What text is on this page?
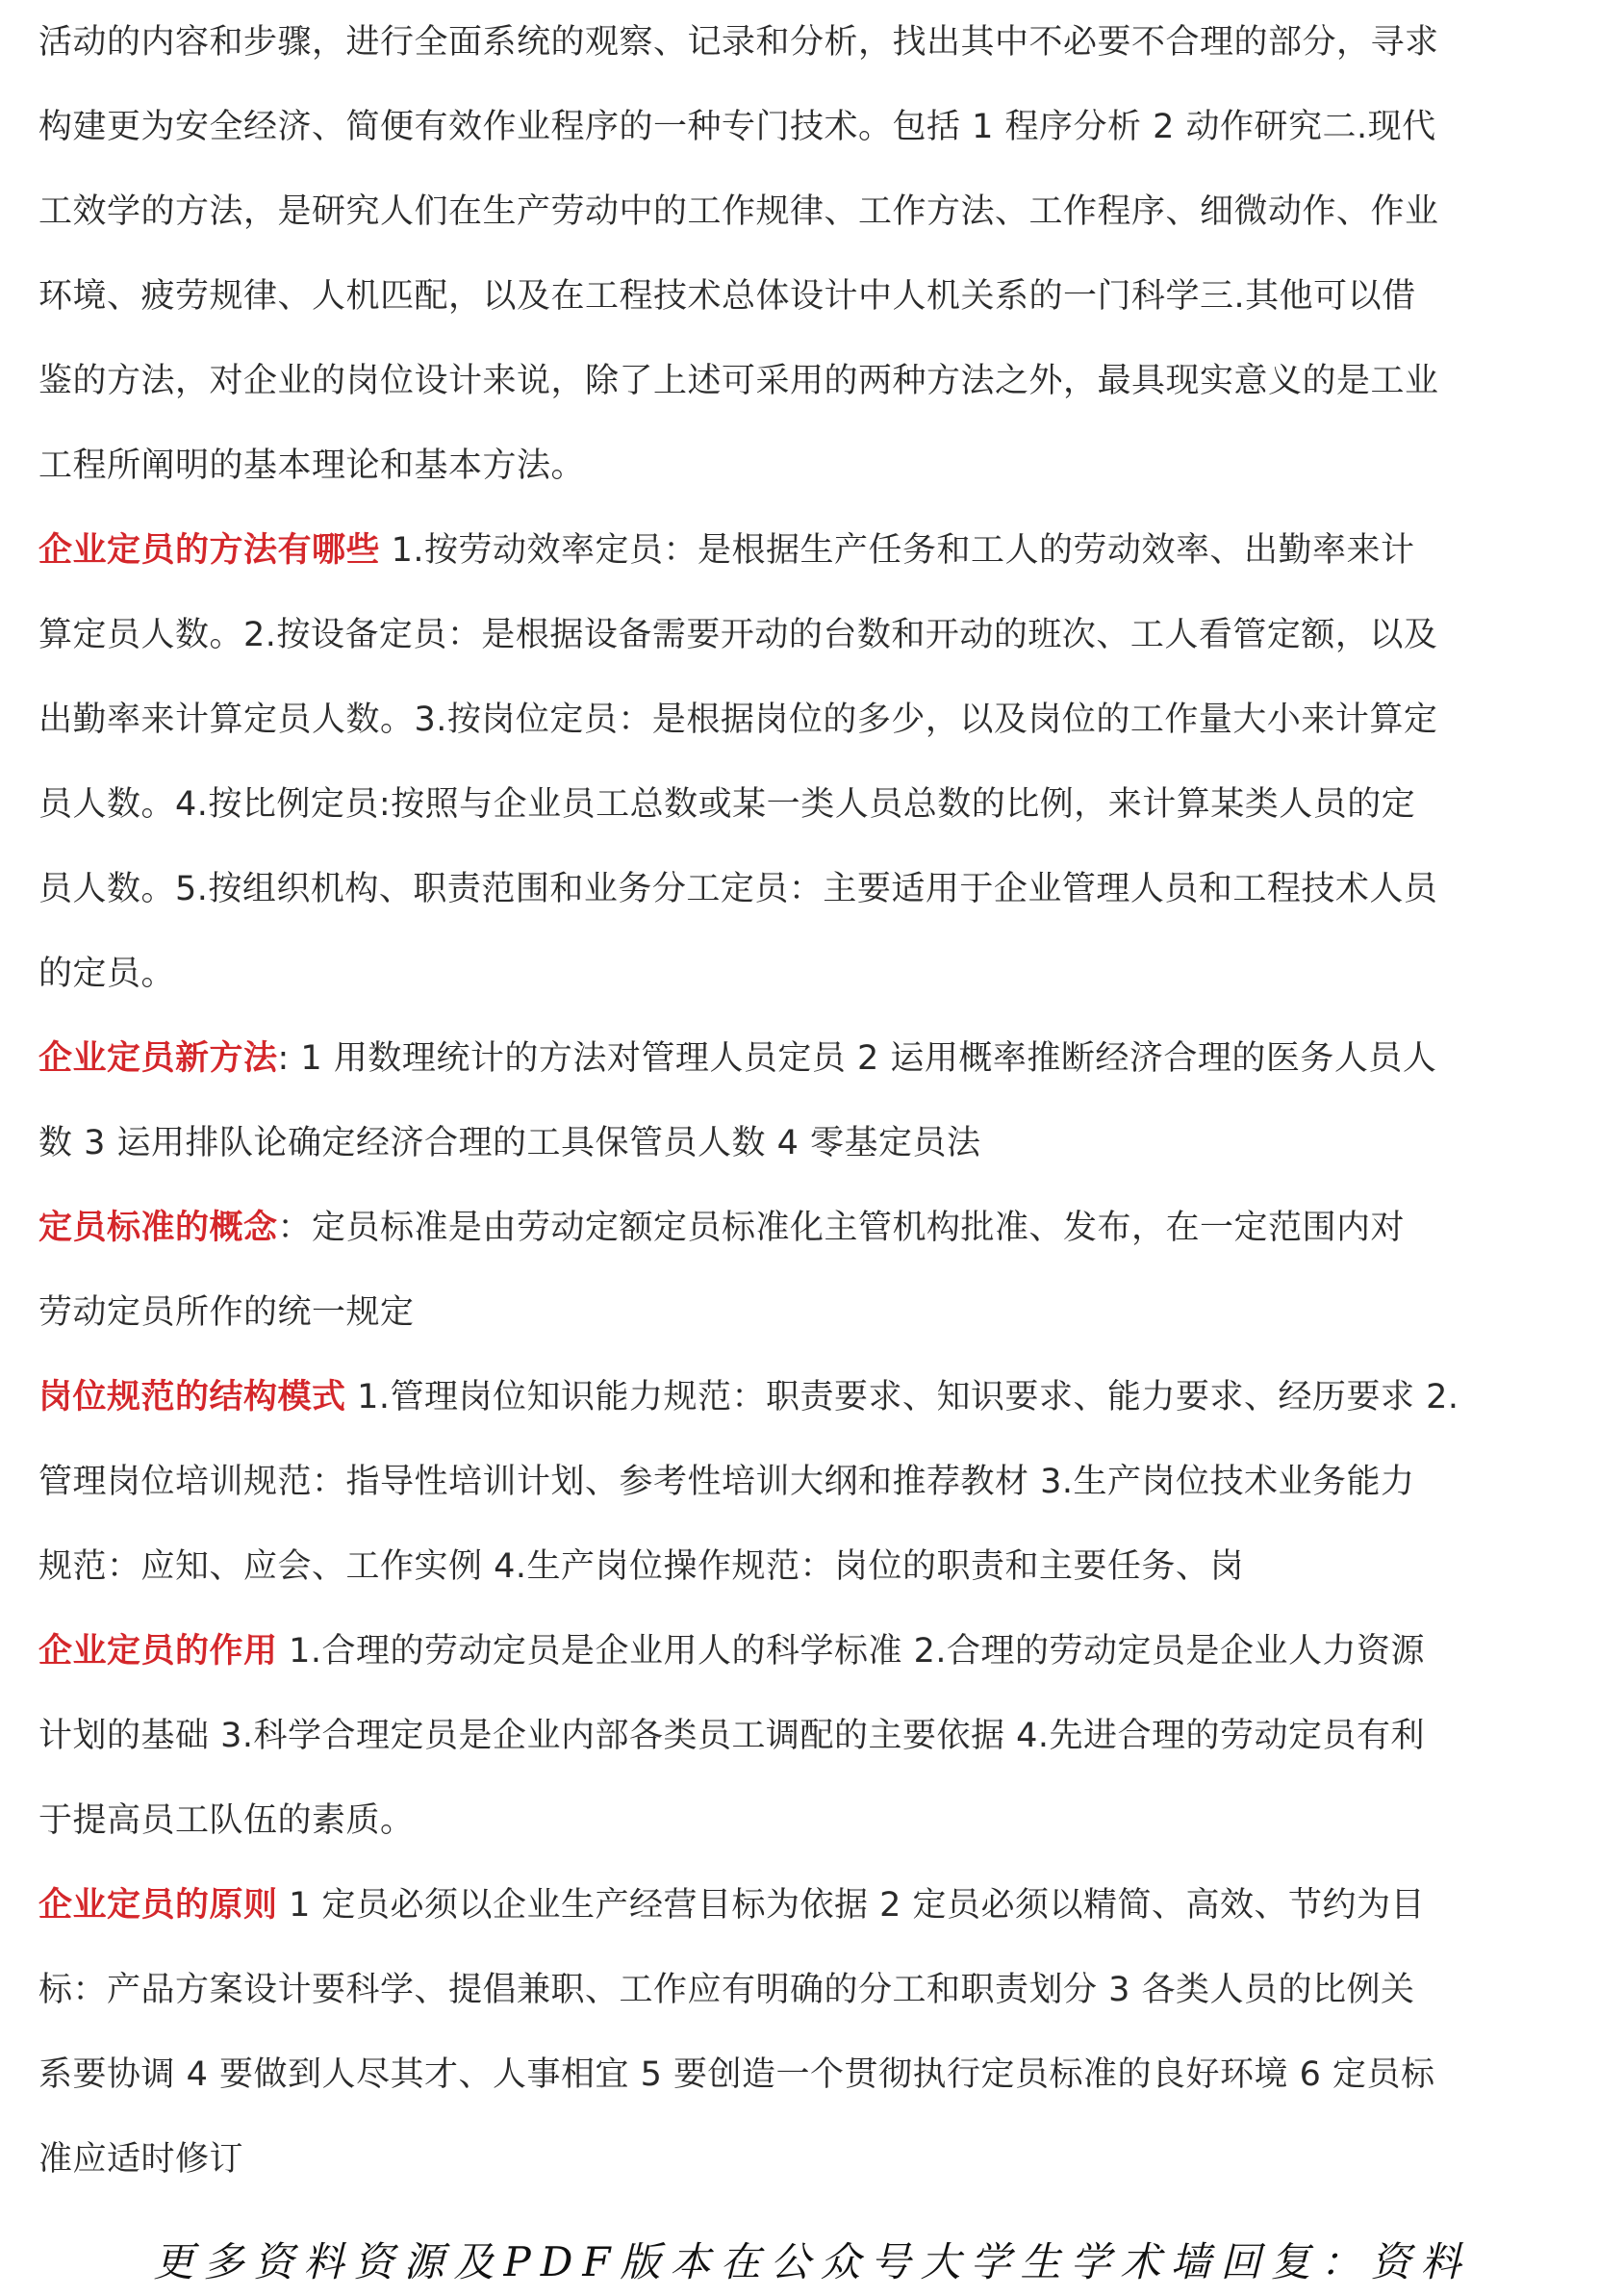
活动的内容和步骤，进行全面系统的观察、记录和分析，找出其中不必要不合理的部分，寻求
构建更为安全经济、简便有效作业程序的一种专门技术。包括 1 程序分析 2 动作研究二.现代
工效学的方法，是研究人们在生产劳动中的工作规律、工作方法、工作程序、细微动作、作业
环境、疲劳规律、人机匹配，以及在工程技术总体设计中人机关系的一门科学三.其他可以借
鉴的方法，对企业的岗位设计来说，除了上述可采用的两种方法之外，最具现实意义的是工业
工程所阐明的基本理论和基本方法。
企业定员的方法有哪些 1.按劳动效率定员：是根据生产任务和工人的劳动效率、出勤率来计
算定员人数。2.按设备定员：是根据设备需要开动的台数和开动的班次、工人看管定额，以及
出勤率来计算定员人数。3.按岗位定员：是根据岗位的多少，以及岗位的工作量大小来计算定
员人数。4.按比例定员:按照与企业员工总数或某一类人员总数的比例，来计算某类人员的定
员人数。5.按组织机构、职责范围和业务分工定员：主要适用于企业管理人员和工程技术人员
的定员。
企业定员新方法: 1 用数理统计的方法对管理人员定员 2 运用概率推断经济合理的医务人员人
数 3 运用排队论确定经济合理的工具保管员人数 4 零基定员法
定员标准的概念：定员标准是由劳动定额定员标准化主管机构批准、发布，在一定范围内对
劳动定员所作的统一规定
岗位规范的结构模式 1.管理岗位知识能力规范：职责要求、知识要求、能力要求、经历要求 2.
管理岗位培训规范：指导性培训计划、参考性培训大纲和推荐教材 3.生产岗位技术业务能力
规范：应知、应会、工作实例 4.生产岗位操作规范：岗位的职责和主要任务、岗
企业定员的作用 1.合理的劳动定员是企业用人的科学标准 2.合理的劳动定员是企业人力资源
计划的基础 3.科学合理定员是企业内部各类员工调配的主要依据 4.先进合理的劳动定员有利
于提高员工队伍的素质。
企业定员的原则 1 定员必须以企业生产经营目标为依据 2 定员必须以精简、高效、节约为目
标：产品方案设计要科学、提倡兼职、工作应有明确的分工和职责划分 3 各类人员的比例关
系要协调 4 要做到人尽其才、人事相宜 5 要创造一个贯彻执行定员标准的良好环境 6 定员标
准应适时修订
更多资料资源及PDF版本在公众号大学生学术墙回复：资料
